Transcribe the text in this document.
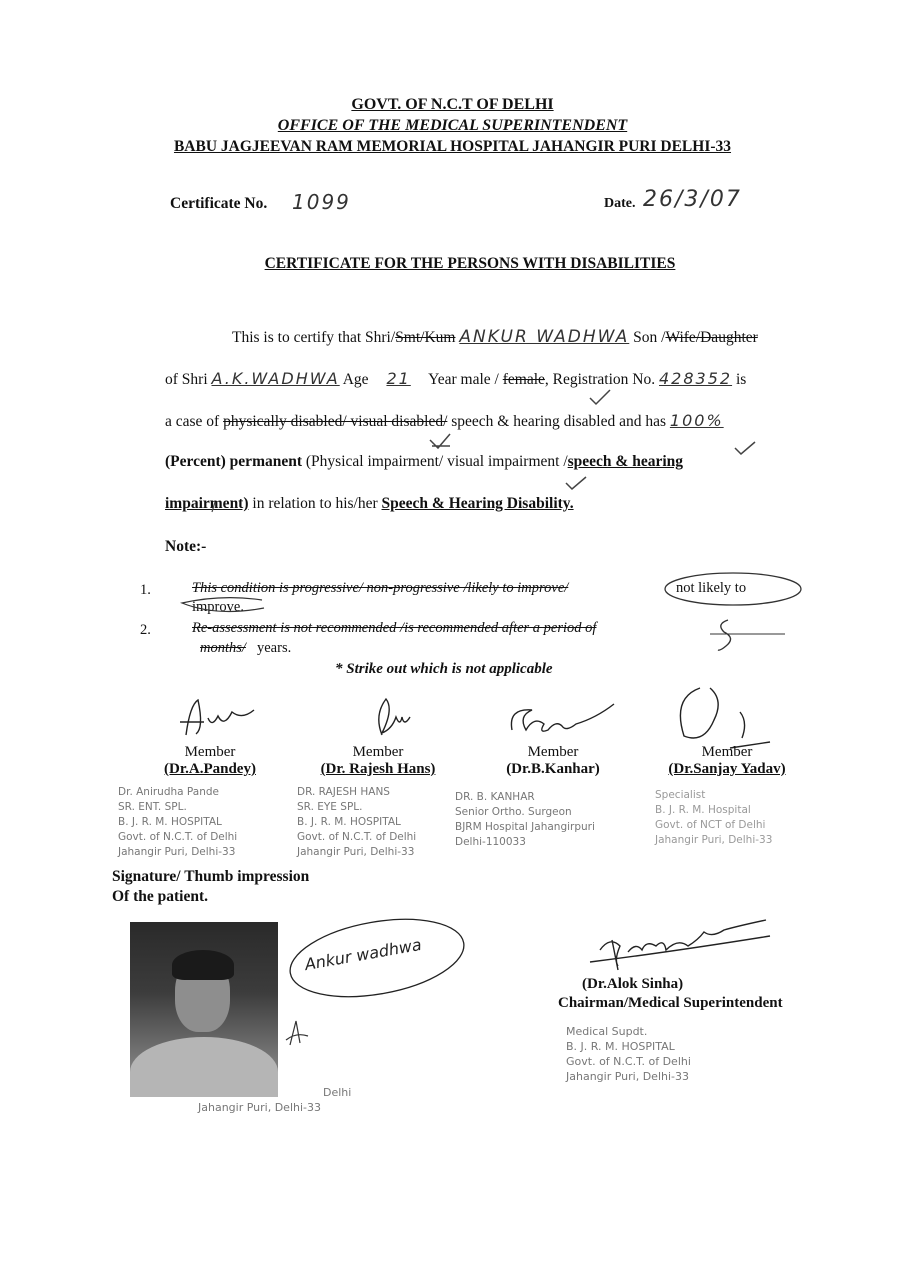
GOVT. OF N.C.T OF DELHI
OFFICE OF THE MEDICAL SUPERINTENDENT
BABU JAGJEEVAN RAM MEMORIAL HOSPITAL JAHANGIR PURI DELHI-33
Certificate No. 1099	Date. 26/3/07
CERTIFICATE FOR THE PERSONS WITH DISABILITIES
This is to certify that Shri/Smt/Kum ANKUR WADHWA Son /Wife/Daughter
of Shri A.K.WADHWA Age 21 Year male / female, Registration No. 428352 is
a case of physically disabled/ visual disabled/ speech & hearing disabled and has 100%
(Percent) permanent (Physical impairment/ visual impairment /speech & hearing
impairment) in relation to his/her Speech & Hearing Disability.
Note:-
1.	This condition is progressive/ non-progressive /likely to improve/	not likely to
improve.
2.	Re-assessment is not recommended /is recommended after a period of
months/ years.
* Strike out which is not applicable
Member
(Dr.A.Pandey)
Member
(Dr. Rajesh Hans)
Member
(Dr.B.Kanhar)
Member
(Dr.Sanjay Yadav)
Dr. Anirudha Pande
SR. ENT. SPL.
B. J. R. M. HOSPITAL
Govt. of N.C.T. of Delhi
Jahangir Puri, Delhi-33
DR. RAJESH HANS
SR. EYE SPL.
B. J. R. M. HOSPITAL
Govt. of N.C.T. of Delhi
Jahangir Puri, Delhi-33
DR. B. KANHAR
Senior Ortho. Surgeon
BJRM Hospital Jahangirpuri
Delhi-110033
Specialist
B. J. R. M. Hospital
Govt. of NCT of Delhi
Jahangir Puri, Delhi-33
Signature/ Thumb impression
Of the patient.
Ankur wadhwa
Delhi
Jahangir Puri, Delhi-33
(Dr.Alok Sinha)
Chairman/Medical Superintendent
Medical Supdt.
B. J. R. M. HOSPITAL
Govt. of N.C.T. of Delhi
Jahangir Puri, Delhi-33
